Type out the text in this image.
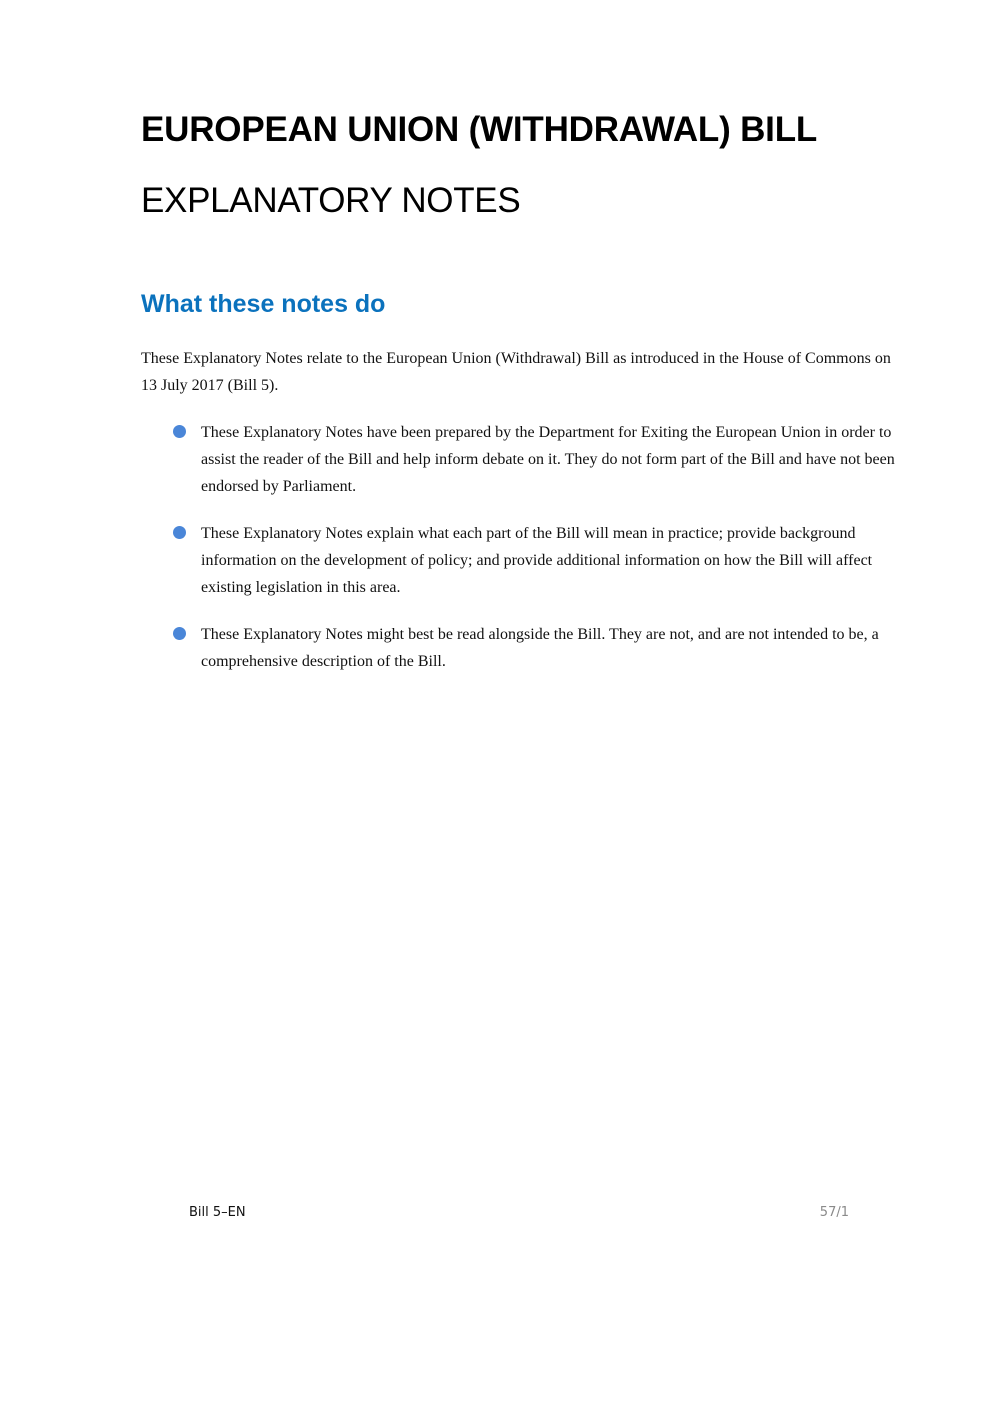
EUROPEAN UNION (WITHDRAWAL) BILL
EXPLANATORY NOTES
What these notes do

These Explanatory Notes relate to the European Union (Withdrawal) Bill as introduced in the House of Commons on 13 July 2017 (Bill 5).

These Explanatory Notes have been prepared by the Department for Exiting the European Union in order to assist the reader of the Bill and help inform debate on it. They do not form part of the Bill and have not been endorsed by Parliament.
These Explanatory Notes explain what each part of the Bill will mean in practice; provide background information on the development of policy; and provide additional information on how the Bill will affect existing legislation in this area.
These Explanatory Notes might best be read alongside the Bill. They are not, and are not intended to be, a comprehensive description of the Bill.
Bill 5–EN	57/1
